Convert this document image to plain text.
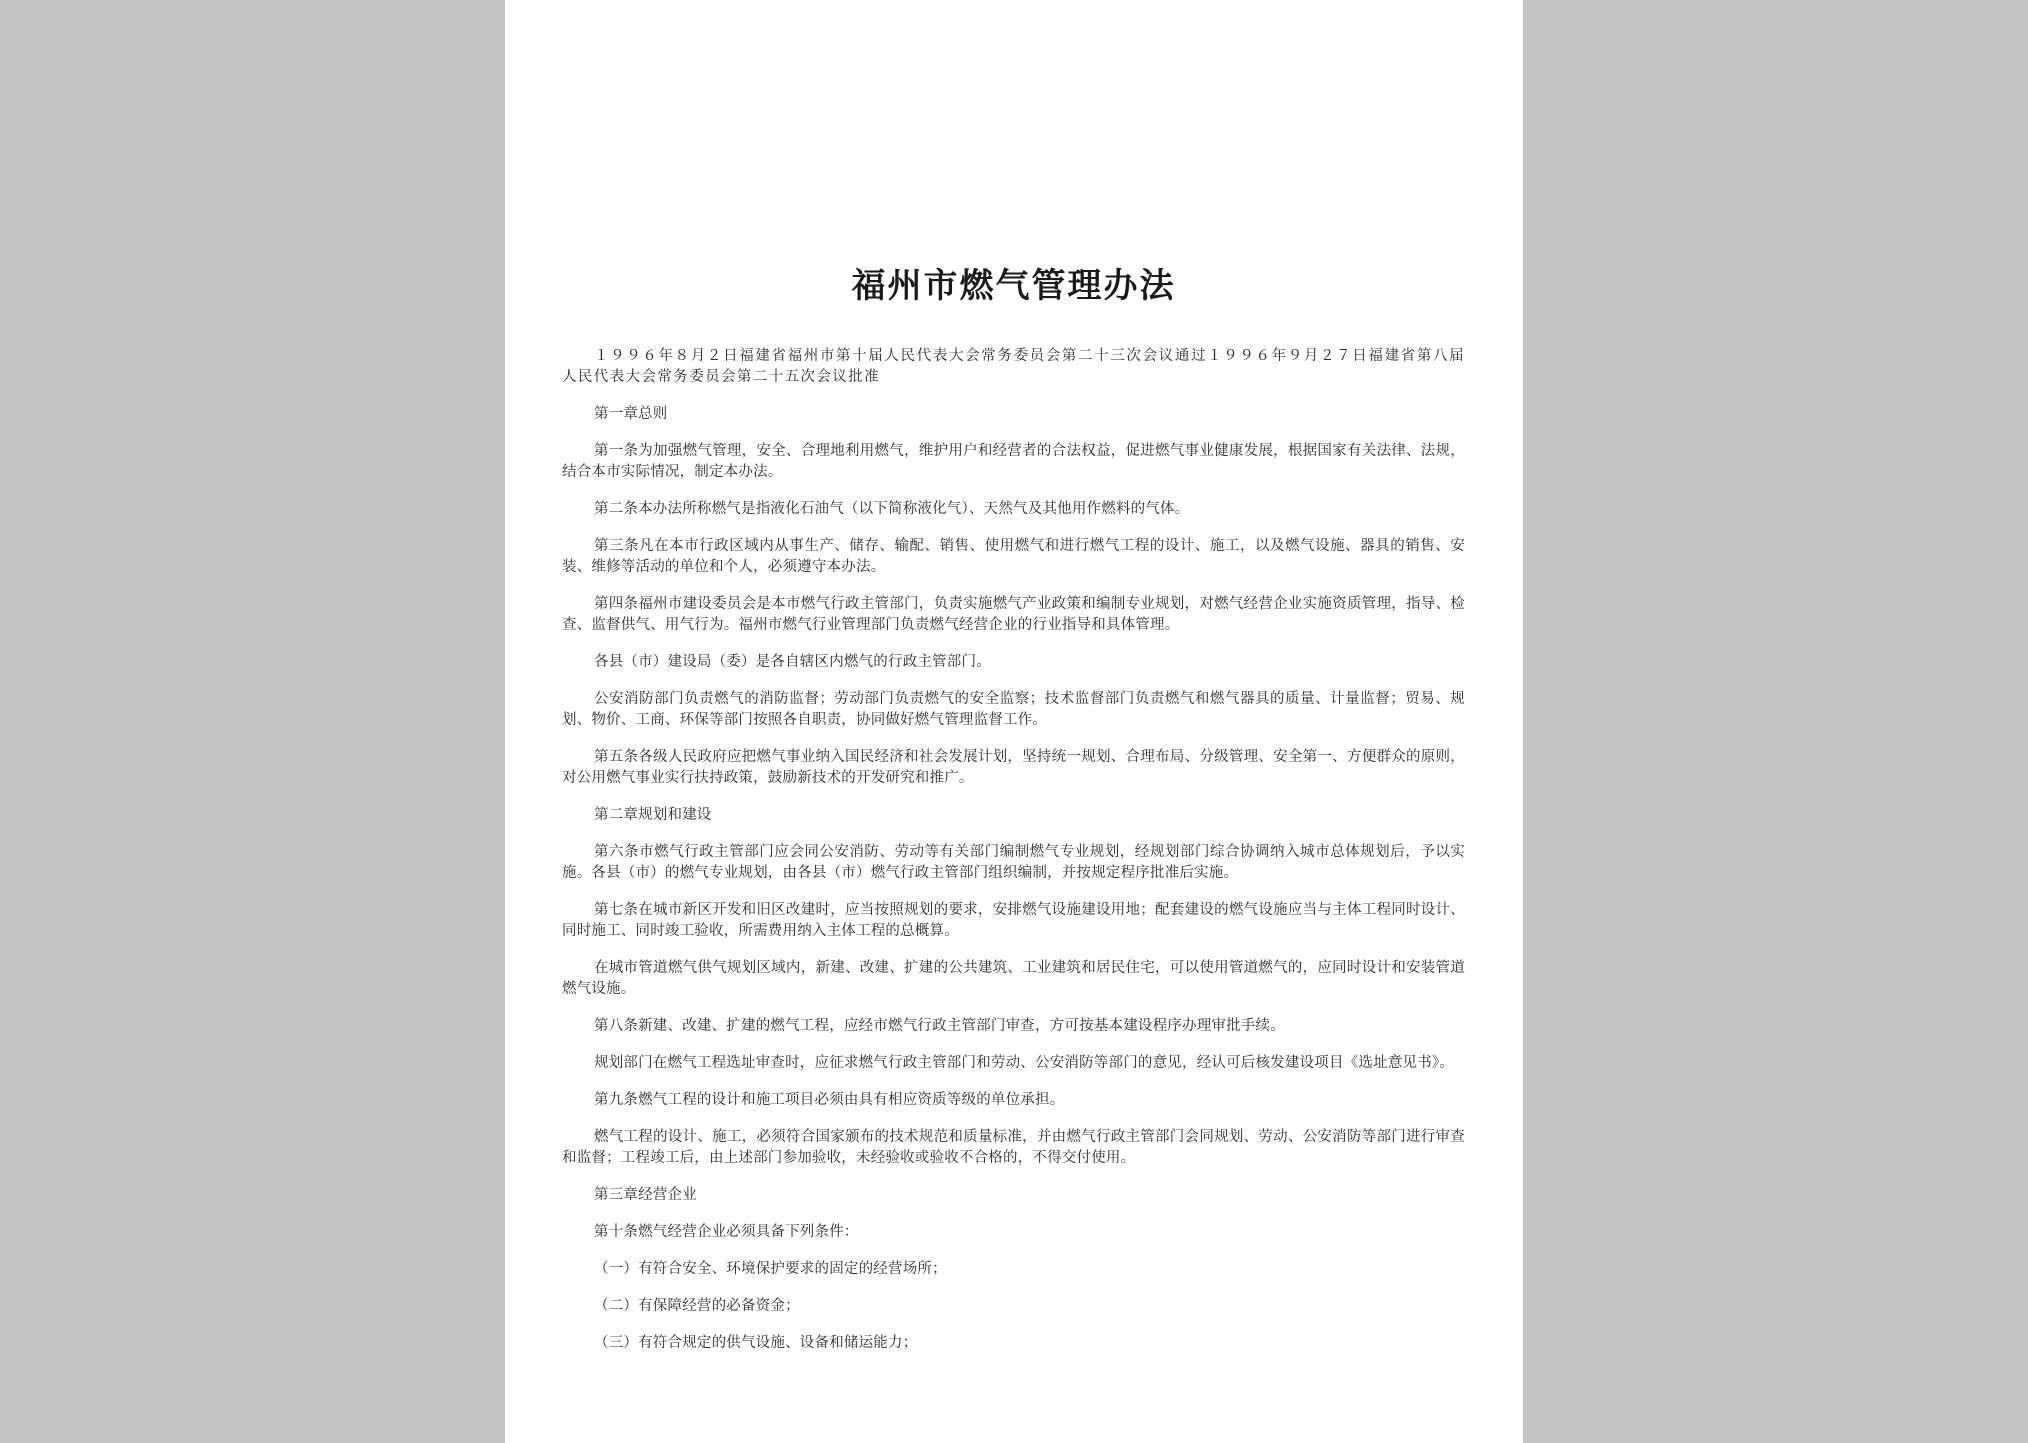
福州市燃气管理办法

１９９６年８月２日福建省福州市第十届人民代表大会常务委员会第二十三次会议通过１９９６年９月２７日福建省第八届人民代表大会常务委员会第二十五次会议批准

第一章总则

第一条为加强燃气管理，安全、合理地利用燃气，维护用户和经营者的合法权益，促进燃气事业健康发展，根据国家有关法律、法规，结合本市实际情况，制定本办法。

第二条本办法所称燃气是指液化石油气（以下简称液化气）、天然气及其他用作燃料的气体。

第三条凡在本市行政区域内从事生产、储存、输配、销售、使用燃气和进行燃气工程的设计、施工，以及燃气设施、器具的销售、安装、维修等活动的单位和个人，必须遵守本办法。

第四条福州市建设委员会是本市燃气行政主管部门，负责实施燃气产业政策和编制专业规划，对燃气经营企业实施资质管理，指导、检查、监督供气、用气行为。福州市燃气行业管理部门负责燃气经营企业的行业指导和具体管理。

各县（市）建设局（委）是各自辖区内燃气的行政主管部门。

公安消防部门负责燃气的消防监督；劳动部门负责燃气的安全监察；技术监督部门负责燃气和燃气器具的质量、计量监督；贸易、规划、物价、工商、环保等部门按照各自职责，协同做好燃气管理监督工作。

第五条各级人民政府应把燃气事业纳入国民经济和社会发展计划，坚持统一规划、合理布局、分级管理、安全第一、方便群众的原则，对公用燃气事业实行扶持政策，鼓励新技术的开发研究和推广。

第二章规划和建设

第六条市燃气行政主管部门应会同公安消防、劳动等有关部门编制燃气专业规划，经规划部门综合协调纳入城市总体规划后，予以实施。各县（市）的燃气专业规划，由各县（市）燃气行政主管部门组织编制，并按规定程序批准后实施。

第七条在城市新区开发和旧区改建时，应当按照规划的要求，安排燃气设施建设用地；配套建设的燃气设施应当与主体工程同时设计、同时施工、同时竣工验收，所需费用纳入主体工程的总概算。

在城市管道燃气供气规划区域内，新建、改建、扩建的公共建筑、工业建筑和居民住宅，可以使用管道燃气的，应同时设计和安装管道燃气设施。

第八条新建、改建、扩建的燃气工程，应经市燃气行政主管部门审查，方可按基本建设程序办理审批手续。

规划部门在燃气工程选址审查时，应征求燃气行政主管部门和劳动、公安消防等部门的意见，经认可后核发建设项目《选址意见书》。

第九条燃气工程的设计和施工项目必须由具有相应资质等级的单位承担。

燃气工程的设计、施工，必须符合国家颁布的技术规范和质量标准，并由燃气行政主管部门会同规划、劳动、公安消防等部门进行审查和监督；工程竣工后，由上述部门参加验收，未经验收或验收不合格的，不得交付使用。

第三章经营企业

第十条燃气经营企业必须具备下列条件：

（一）有符合安全、环境保护要求的固定的经营场所；

（二）有保障经营的必备资金；

（三）有符合规定的供气设施、设备和储运能力；
